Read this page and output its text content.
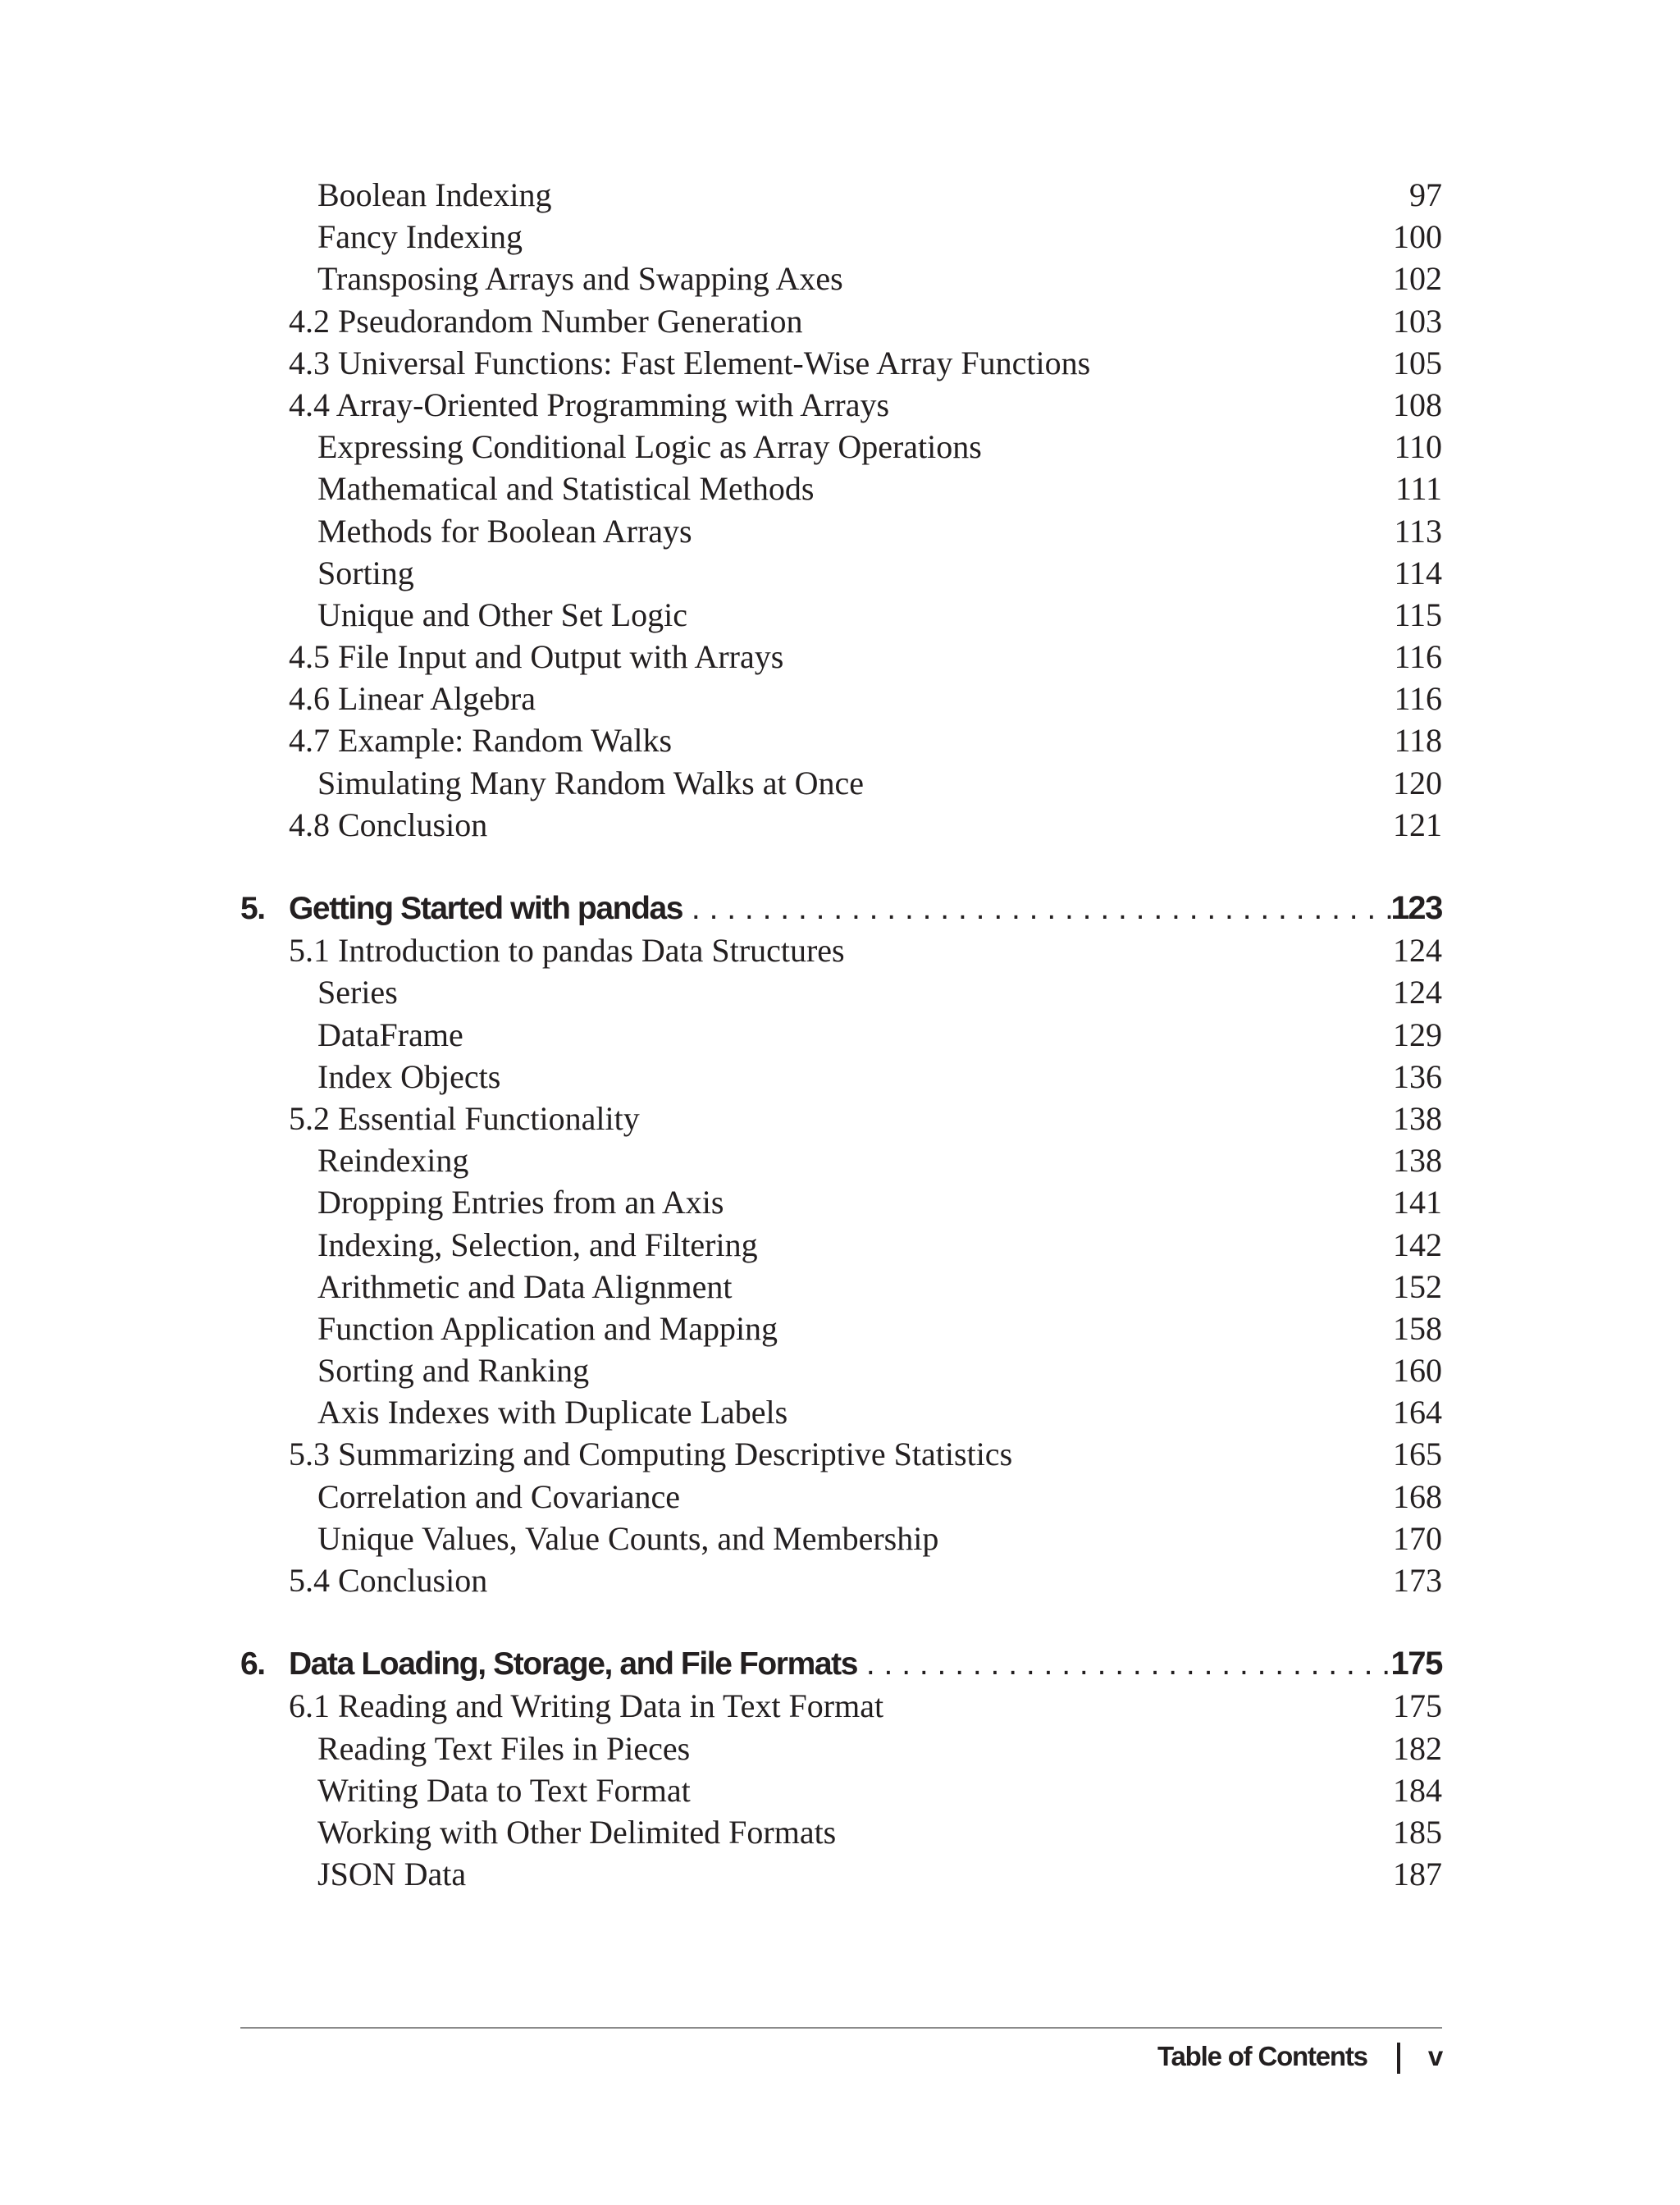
Boolean Indexing	97
Fancy Indexing	100
Transposing Arrays and Swapping Axes	102
4.2 Pseudorandom Number Generation	103
4.3 Universal Functions: Fast Element-Wise Array Functions	105
4.4 Array-Oriented Programming with Arrays	108
Expressing Conditional Logic as Array Operations	110
Mathematical and Statistical Methods	111
Methods for Boolean Arrays	113
Sorting	114
Unique and Other Set Logic	115
4.5 File Input and Output with Arrays	116
4.6 Linear Algebra	116
4.7 Example: Random Walks	118
Simulating Many Random Walks at Once	120
4.8 Conclusion	121
5. Getting Started with pandas . . .	123
5.1 Introduction to pandas Data Structures	124
Series	124
DataFrame	129
Index Objects	136
5.2 Essential Functionality	138
Reindexing	138
Dropping Entries from an Axis	141
Indexing, Selection, and Filtering	142
Arithmetic and Data Alignment	152
Function Application and Mapping	158
Sorting and Ranking	160
Axis Indexes with Duplicate Labels	164
5.3 Summarizing and Computing Descriptive Statistics	165
Correlation and Covariance	168
Unique Values, Value Counts, and Membership	170
5.4 Conclusion	173
6. Data Loading, Storage, and File Formats . . .	175
6.1 Reading and Writing Data in Text Format	175
Reading Text Files in Pieces	182
Writing Data to Text Format	184
Working with Other Delimited Formats	185
JSON Data	187
Table of Contents v
